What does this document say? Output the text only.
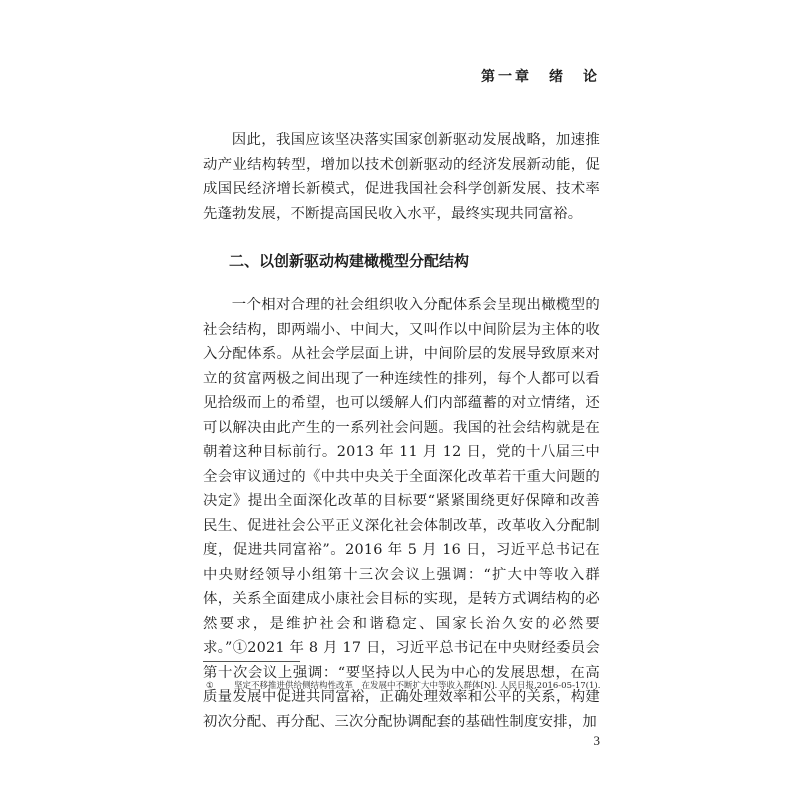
第一章　绪　论

因此，我国应该坚决落实国家创新驱动发展战略，加速推动产业结构转型，增加以技术创新驱动的经济发展新动能，促成国民经济增长新模式，促进我国社会科学创新发展、技术率先蓬勃发展，不断提高国民收入水平，最终实现共同富裕。

二、以创新驱动构建橄榄型分配结构

一个相对合理的社会组织收入分配体系会呈现出橄榄型的社会结构，即两端小、中间大，又叫作以中间阶层为主体的收入分配体系。从社会学层面上讲，中间阶层的发展导致原来对立的贫富两极之间出现了一种连续性的排列，每个人都可以看见拾级而上的希望，也可以缓解人们内部蕴蓄的对立情绪，还可以解决由此产生的一系列社会问题。我国的社会结构就是在朝着这种目标前行。2013 年 11 月 12 日，党的十八届三中全会审议通过的《中共中央关于全面深化改革若干重大问题的决定》提出全面深化改革的目标要“紧紧围绕更好保障和改善民生、促进社会公平正义深化社会体制改革，改革收入分配制度，促进共同富裕”。2016 年 5 月 16 日，习近平总书记在中央财经领导小组第十三次会议上强调：“扩大中等收入群体，关系全面建成小康社会目标的实现，是转方式调结构的必然要求，是维护社会和谐稳定、国家长治久安的必然要求。”①2021 年 8 月 17 日，习近平总书记在中央财经委员会第十次会议上强调：“要坚持以人民为中心的发展思想，在高质量发展中促进共同富裕，正确处理效率和公平的关系，构建初次分配、再分配、三次分配协调配套的基础性制度安排，加

① 坚定不移推进供给侧结构性改革　在发展中不断扩大中等收入群体[N]. 人民日报,2016-05-17(1).
3
